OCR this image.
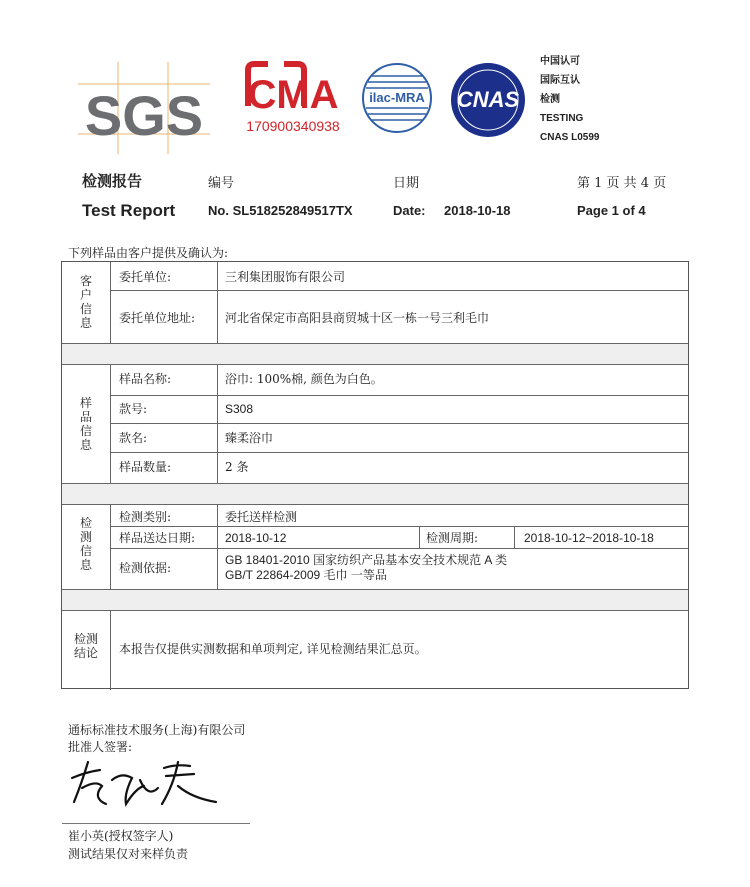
SGS CMA
170900340938
ilac-MRA CNAS
中国认可
国际互认
检测
TESTING
CNAS L0599
检测报告
Test Report
编号
No. SL518252849517TX
日期
Date: 2018-10-18
第 1 页 共 4 页
Page 1 of 4
下列样品由客户提供及确认为:
客
户
信
息
委托单位:	三利集团服饰有限公司
委托单位地址: 河北省保定市高阳县商贸城十区一栋一号三利毛巾
样
品
信
息
样品名称:	浴巾: 100%棉, 颜色为白色。
款号:	S308
款名:	臻柔浴巾
样品数量:	2 条
检
测
信
息
检测类别:	委托送样检测
样品送达日期: 2018-10-12	检测周期:	2018-10-12~2018-10-18
检测依据:
GB 18401-2010 国家纺织产品基本安全技术规范 A 类
GB/T 22864-2009 毛巾 一等品
检测
结论	本报告仅提供实测数据和单项判定, 详见检测结果汇总页。
通标标准技术服务(上海)有限公司
批准人签署:
崔小英(授权签字人)
测试结果仅对来样负责
